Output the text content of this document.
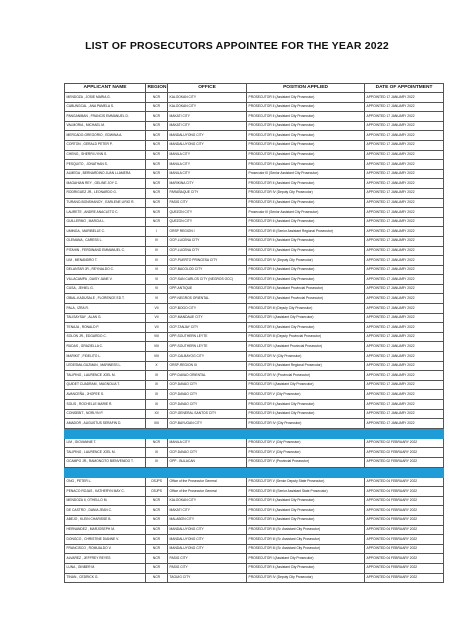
LIST OF PROSECUTORS APPOINTEE FOR THE YEAR 2022
APPLICANT NAME	REGION	OFFICE	POSITION APPLIED	DATE OF APPOINTMENT
MENDOZA , JOSIE MARIA G.	NCR	KALOOKAN CITY	PROSECUTOR II (Assistant City Prosecutor)	APPOINTED 17 JANUARY 2022
CABUNGCAL , ANA PAMELA S.	NCR	KALOOKAN CITY	PROSECUTOR II (Assistant City Prosecutor)	APPOINTED 17 JANUARY 2022
PANGANIBAN , FRANCIS EMMANUEL D.	NCR	MAKATI CITY	PROSECUTOR II (Assistant City Prosecutor)	APPOINTED 17 JANUARY 2022
VALMORIA , MICHAEL M.	NCR	MAKATI CITY	PROSECUTOR II (Assistant City Prosecutor)	APPOINTED 17 JANUARY 2022
MERCADO-GREGORIO , EDWINA A.	NCR	MANDALUYONG CITY	PROSECUTOR II (Assistant City Prosecutor)	APPOINTED 17 JANUARY 2022
CORTON , GERALD PETER P.	NCR	MANDALUYONG CITY	PROSECUTOR II (Assistant City Prosecutor)	APPOINTED 17 JANUARY 2022
CHENG , SHERRI LYNN S.	NCR	MANILA CITY	PROSECUTOR II (Assistant City Prosecutor)	APPOINTED 17 JANUARY 2022
PESQUITO , JONATHAN S.	NCR	MANILA CITY	PROSECUTOR II (Assistant City Prosecutor)	APPOINTED 17 JANUARY 2022
ALMEDA , BERNARDINO JUAN LLAMERA	NCR	MANILA CITY	Prosecutor III (Senior Assistant City Prosecutor)	APPOINTED 17 JANUARY 2022
MAGAHIAN REY , GELINE JOY C.	NCR	MARIKINA CITY	PROSECUTOR II (Assistant City Prosecutor)	APPOINTED 17 JANUARY 2022
RODRIGUEZ JR., LEONARDO G.	NCR	PARAÑAQUE CITY	PROSECUTOR IV (Deputy City Prosecutor)	APPOINTED 17 JANUARY 2022
TURANO-BONSHANOY , EARLENE LIRIO R.	NCR	PASIG CITY	PROSECUTOR II (Assistant City Prosecutor)	APPOINTED 17 JANUARY 2022
LAURETE , ANDRE ANACLETO C.	NCR	QUEZON CITY	Prosecutor III (Senior Assistant City Prosecutor)	APPOINTED 17 JANUARY 2022
GUILLERMO , MARCIA L.	NCR	QUEZON CITY	PROSECUTOR II (Assistant City Prosecutor)	APPOINTED 17 JANUARY 2022
UMINGA , MARIBELLE C.	I	ORSP REGION I	PROSECUTOR III (Senior Assistant Regional Prosecutor)	APPOINTED 17 JANUARY 2022
OLEMANA , CARESS L.	IV	OCP-LUCENA CITY	PROSECUTOR II (Assistant City Prosecutor)	APPOINTED 17 JANUARY 2022
PITAHIN , FERDINAND EMMANUEL C.	IV	OCP-LUCENA CITY	PROSECUTOR II (Assistant City Prosecutor)	APPOINTED 17 JANUARY 2022
LIM , MENANDRO T.	IV	OCP-PUERTO PRINCESA CITY	PROSECUTOR IV (Deputy City Prosecutor)	APPOINTED 17 JANUARY 2022
DELANTAR JR., REYNALDO C.	VI	OCP-BACOLOD CITY	PROSECUTOR II (Assistant City Prosecutor)	APPOINTED 17 JANUARY 2022
VILLACAMPA , DAISY JANE V.	VI	OCP-SAN CARLOS CITY (NEGROS OCC)	PROSECUTOR II (Assistant City Prosecutor)	APPOINTED 17 JANUARY 2022
CUSA , JEHIEL G.	VI	OPP-ANTIQUE	PROSECUTOR II (Assistant Provincial Prosecutor)	APPOINTED 17 JANUARY 2022
OBIAL-KADUSALE , FLORENCE ED T.	VI	OPP-NEGROS ORIENTAL	PROSECUTOR II (Assistant Provincial Prosecutor)	APPOINTED 17 JANUARY 2022
PALA , IZRA R.	VII	OCP-BOGO CITY	PROSECUTOR III (Deputy City Prosecutor)	APPOINTED 17 JANUARY 2022
TALISAYSAY , ALAN G.	VII	OCP-MANDAUE CITY	PROSECUTOR I (Assistant City Prosecutor)	APPOINTED 17 JANUARY 2022
TENAJA , RONALD P.	VII	OCP-TANJAY CITY	PROSECUTOR II (Assistant City Prosecutor)	APPOINTED 17 JANUARY 2022
SOLON JR., EDGARDO C.	VIII	OPP-SOUTHERN LEYTE	PROSECUTOR III (Deputy Provincial Prosecutor)	APPOINTED 17 JANUARY 2022
RUDAS , GRAZIELLA C.	VIII	OPP-SOUTHERN LEYTE	PROSECUTOR I (Assistant Provincial Prosecutor)	APPOINTED 17 JANUARY 2022
MARIKIT , FIDELITO L.	VIII	OCP-CALBAYOG CITY	PROSECUTOR IV (City Prosecutor)	APPOINTED 17 JANUARY 2022
LEDESMA-GUZMAN , MARINESS L.	X	ORSP-REGION XI	PROSECUTOR II (Assistant Regional Prosecutor)	APPOINTED 17 JANUARY 2022
TALIPING , LAURENCE JOEL M.	XI	OPP-DAVAO ORIENTAL	PROSECUTOR IV (Provincial Prosecutor)	APPOINTED 17 JANUARY 2022
QUIDET CUADRAM , MAGNOLIA T.	XI	OCP-DAVAO CITY	PROSECUTOR I (Assistant City Prosecutor)	APPOINTED 17 JANUARY 2022
AVANCEÑA , JHOPEE S.	XI	OCP-DAVAO CITY	PROSECUTOR V (City Prosecutor)	APPOINTED 17 JANUARY 2022
SOLIS , ROCHELLE MARIE R.	XI	OCP-DAVAO CITY	PROSECUTOR II (Assistant City Prosecutor)	APPOINTED 17 JANUARY 2022
CONSEBIT , NORLYN P.	XII	OCP-GENERAL SANTOS CITY	PROSECUTOR II (Assistant City Prosecutor)	APPOINTED 17 JANUARY 2022
AMADOR , AUGUSTUS SERAFIN D.	XIII	OCP-BAYUGAN CITY	PROSECUTOR IV (City Prosecutor)	APPOINTED 17 JANUARY 2022

LIM , GIOVANNIE T.	NCR	MANILA CITY	PROSECUTOR V (City Prosecutor)	APPOINTED 02 FEBRUARY 2022
TALIPING , LAURENCE JOEL M.	XI	OCP-DAVAO CITY	PROSECUTOR V (City Prosecutor)	APPOINTED 02 FEBRUARY 2022
OCAMPO JR., RAMONCITO BIENVENIDO T.	III	OPP - BULACAN	PROSECUTOR V (Provincial Prosecutor)	APPOINTED 02 FEBRUARY 2022

ONG , PETER L.	OSJPS	Office of the Prosecutor General	PROSECUTOR V (Senior Deputy State Prosecutor)	APPOINTED 04 FEBRUARY 2022
PENACO ROJAS , KATHERYN MAY C.	OSJPS	Office of the Prosecutor General	PROSECUTOR III (Senior Assistant State Prosecutor)	APPOINTED 04 FEBRUARY 2022
MENDOZA II, OTHELLO M.	NCR	KALOOKAN CITY	PROSECUTOR II (Assistant City Prosecutor)	APPOINTED 04 FEBRUARY 2022
DE CASTRO , DANIA JEAN C.	NCR	MAKATI CITY	PROSECUTOR II (Assistant City Prosecutor)	APPOINTED 04 FEBRUARY 2022
ABEJO , KLEIN CHARISSE B.	NCR	MALABON CITY	PROSECUTOR II (Assistant City Prosecutor)	APPOINTED 04 FEBRUARY 2022
HERNANDEZ , MARJOSEPH M.	NCR	MANDALUYONG CITY	PROSECUTOR III (Sr. Assistant City Prosecutor)	APPOINTED 04 FEBRUARY 2022
DONGCO , CHRISTINE DIANNE V.	NCR	MANDALUYONG CITY	PROSECUTOR III (Sr. Assistant City Prosecutor)	APPOINTED 04 FEBRUARY 2022
FRANCISCO , ROMUALDO V.	NCR	MANDALUYONG CITY	PROSECUTOR III (Sr. Assistant City Prosecutor)	APPOINTED 04 FEBRUARY 2022
ALVAREZ , JEFFREY REYES	NCR	PASIG CITY	PROSECUTOR I (Assistant City Prosecutor)	APPOINTED 04 FEBRUARY 2022
LUNA , GINBER M.	NCR	PASIG CITY	PROSECUTOR II (Assistant City Prosecutor)	APPOINTED 04 FEBRUARY 2022
TINAN , CEDRICK G.	NCR	TAGUIG CITY	PROSECUTOR IV (Deputy City Prosecutor)	APPOINTED 04 FEBRUARY 2022
